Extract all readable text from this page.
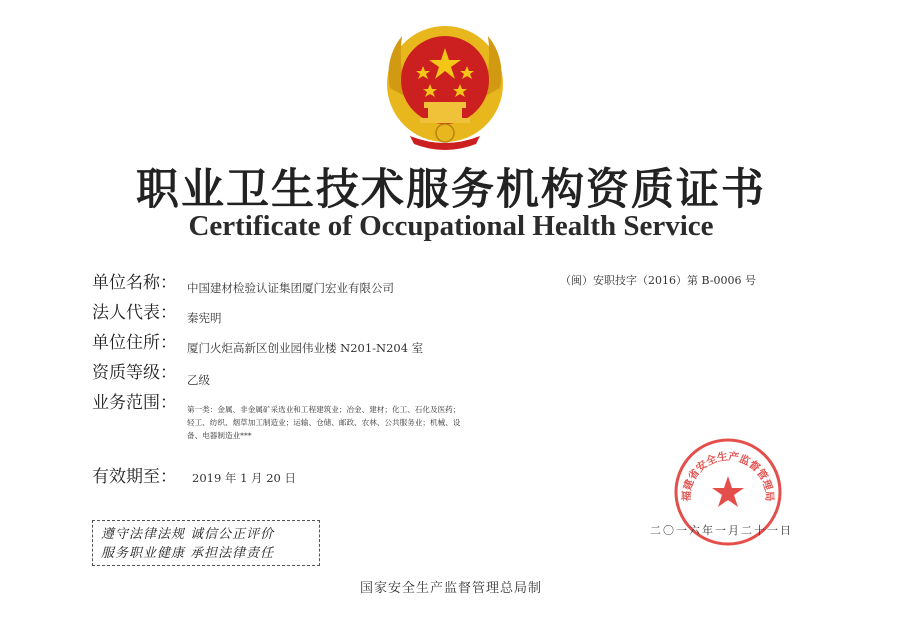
职业卫生技术服务机构资质证书
Certificate of Occupational Health Service
单位名称： 中国建材检验认证集团厦门宏业有限公司
（闽）安职技字（2016）第 B-0006 号
法人代表： 秦宪明
单位住所： 厦门火炬高新区创业园伟业楼 N201-N204 室
资质等级： 乙级
业务范围： 第一类：金属、非金属矿采选业和工程建筑业；冶金、建材；化工、石化及医药；轻工、纺织、烟草加工制造业；运输、仓储、邮政、农林、公共服务业；机械、设备、电器制造业***
有效期至： 2019 年 1 月 20 日
遵守法律法规 诚信公正评价
服务职业健康 承担法律责任
福建省安全生产监督管理局
二〇一六年一月二十一日
国家安全生产监督管理总局制
